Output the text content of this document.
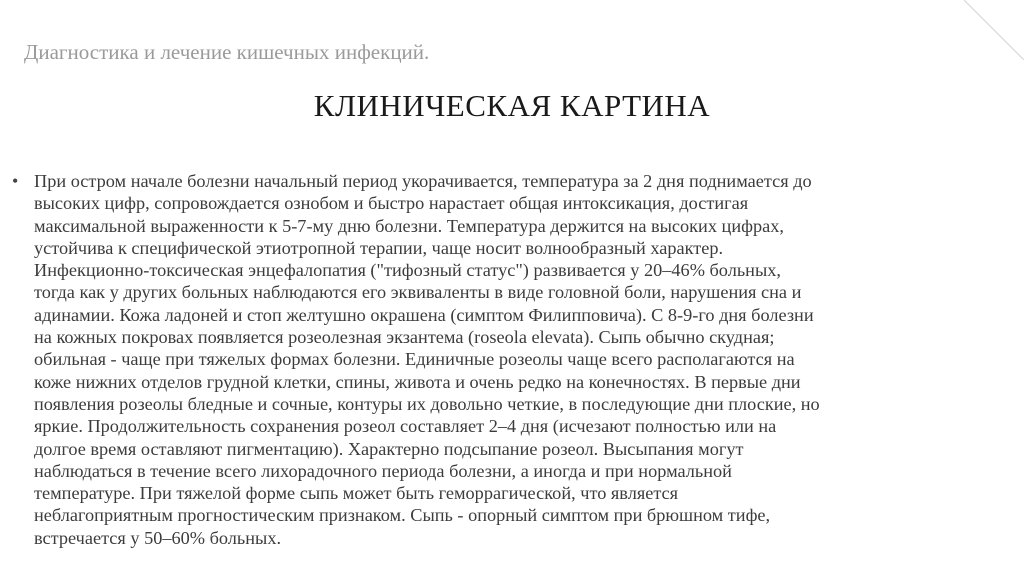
Диагностика и лечение кишечных инфекций.
КЛИНИЧЕСКАЯ КАРТИНА
• При остром начале болезни начальный период укорачивается, температура за 2 дня поднимается до
высоких цифр, сопровождается ознобом и быстро нарастает общая интоксикация, достигая
максимальной выраженности к 5-7-му дню болезни. Температура держится на высоких цифрах,
устойчива к специфической этиотропной терапии, чаще носит волнообразный характер.
Инфекционно-токсическая энцефалопатия ("тифозный статус") развивается у 20–46% больных,
тогда как у других больных наблюдаются его эквиваленты в виде головной боли, нарушения сна и
адинамии. Кожа ладоней и стоп желтушно окрашена (симптом Филипповича). С 8-9-го дня болезни
на кожных покровах появляется розеолезная экзантема (roseola elevata). Сыпь обычно скудная;
обильная - чаще при тяжелых формах болезни. Единичные розеолы чаще всего располагаются на
коже нижних отделов грудной клетки, спины, живота и очень редко на конечностях. В первые дни
появления розеолы бледные и сочные, контуры их довольно четкие, в последующие дни плоские, но
яркие. Продолжительность сохранения розеол составляет 2–4 дня (исчезают полностью или на
долгое время оставляют пигментацию). Характерно подсыпание розеол. Высыпания могут
наблюдаться в течение всего лихорадочного периода болезни, а иногда и при нормальной
температуре. При тяжелой форме сыпь может быть геморрагической, что является
неблагоприятным прогностическим признаком. Сыпь - опорный симптом при брюшном тифе,
встречается у 50–60% больных.
